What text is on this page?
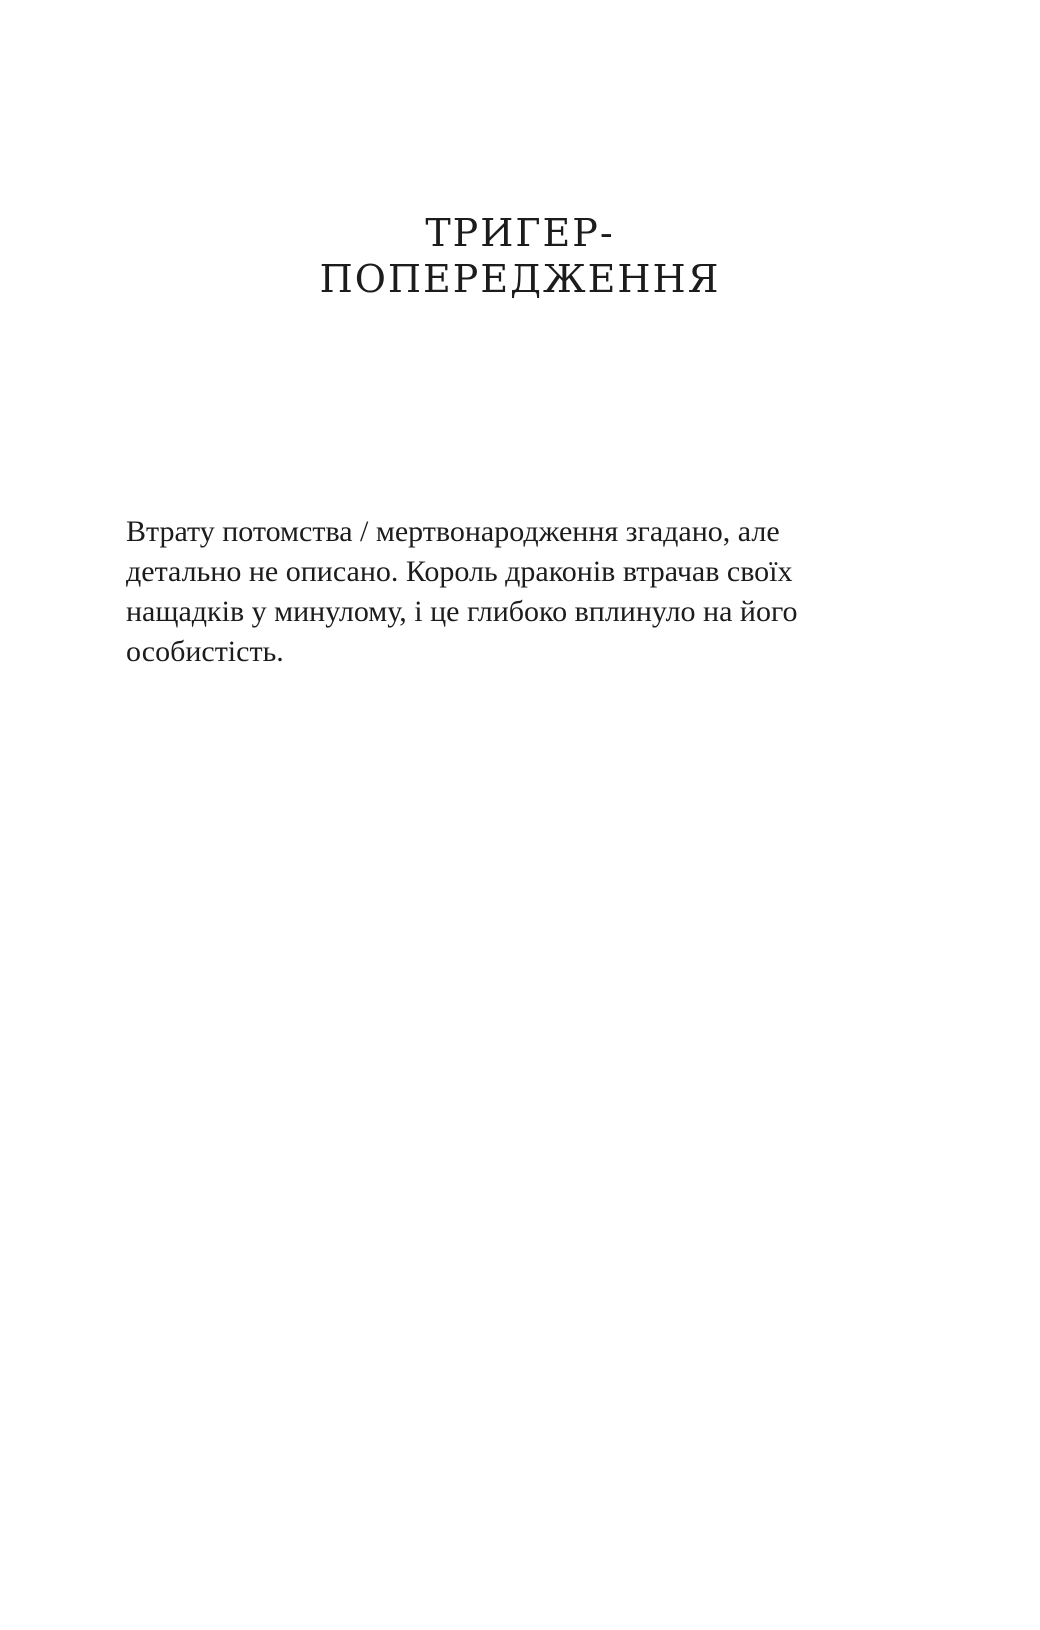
ТРИГЕР-
ПОПЕРЕДЖЕННЯ

Втрату потомства / мертвонародження згадано, але
детально не описано. Король драконів втрачав своїх
нащадків у минулому, і це глибоко вплинуло на його
особистість.
